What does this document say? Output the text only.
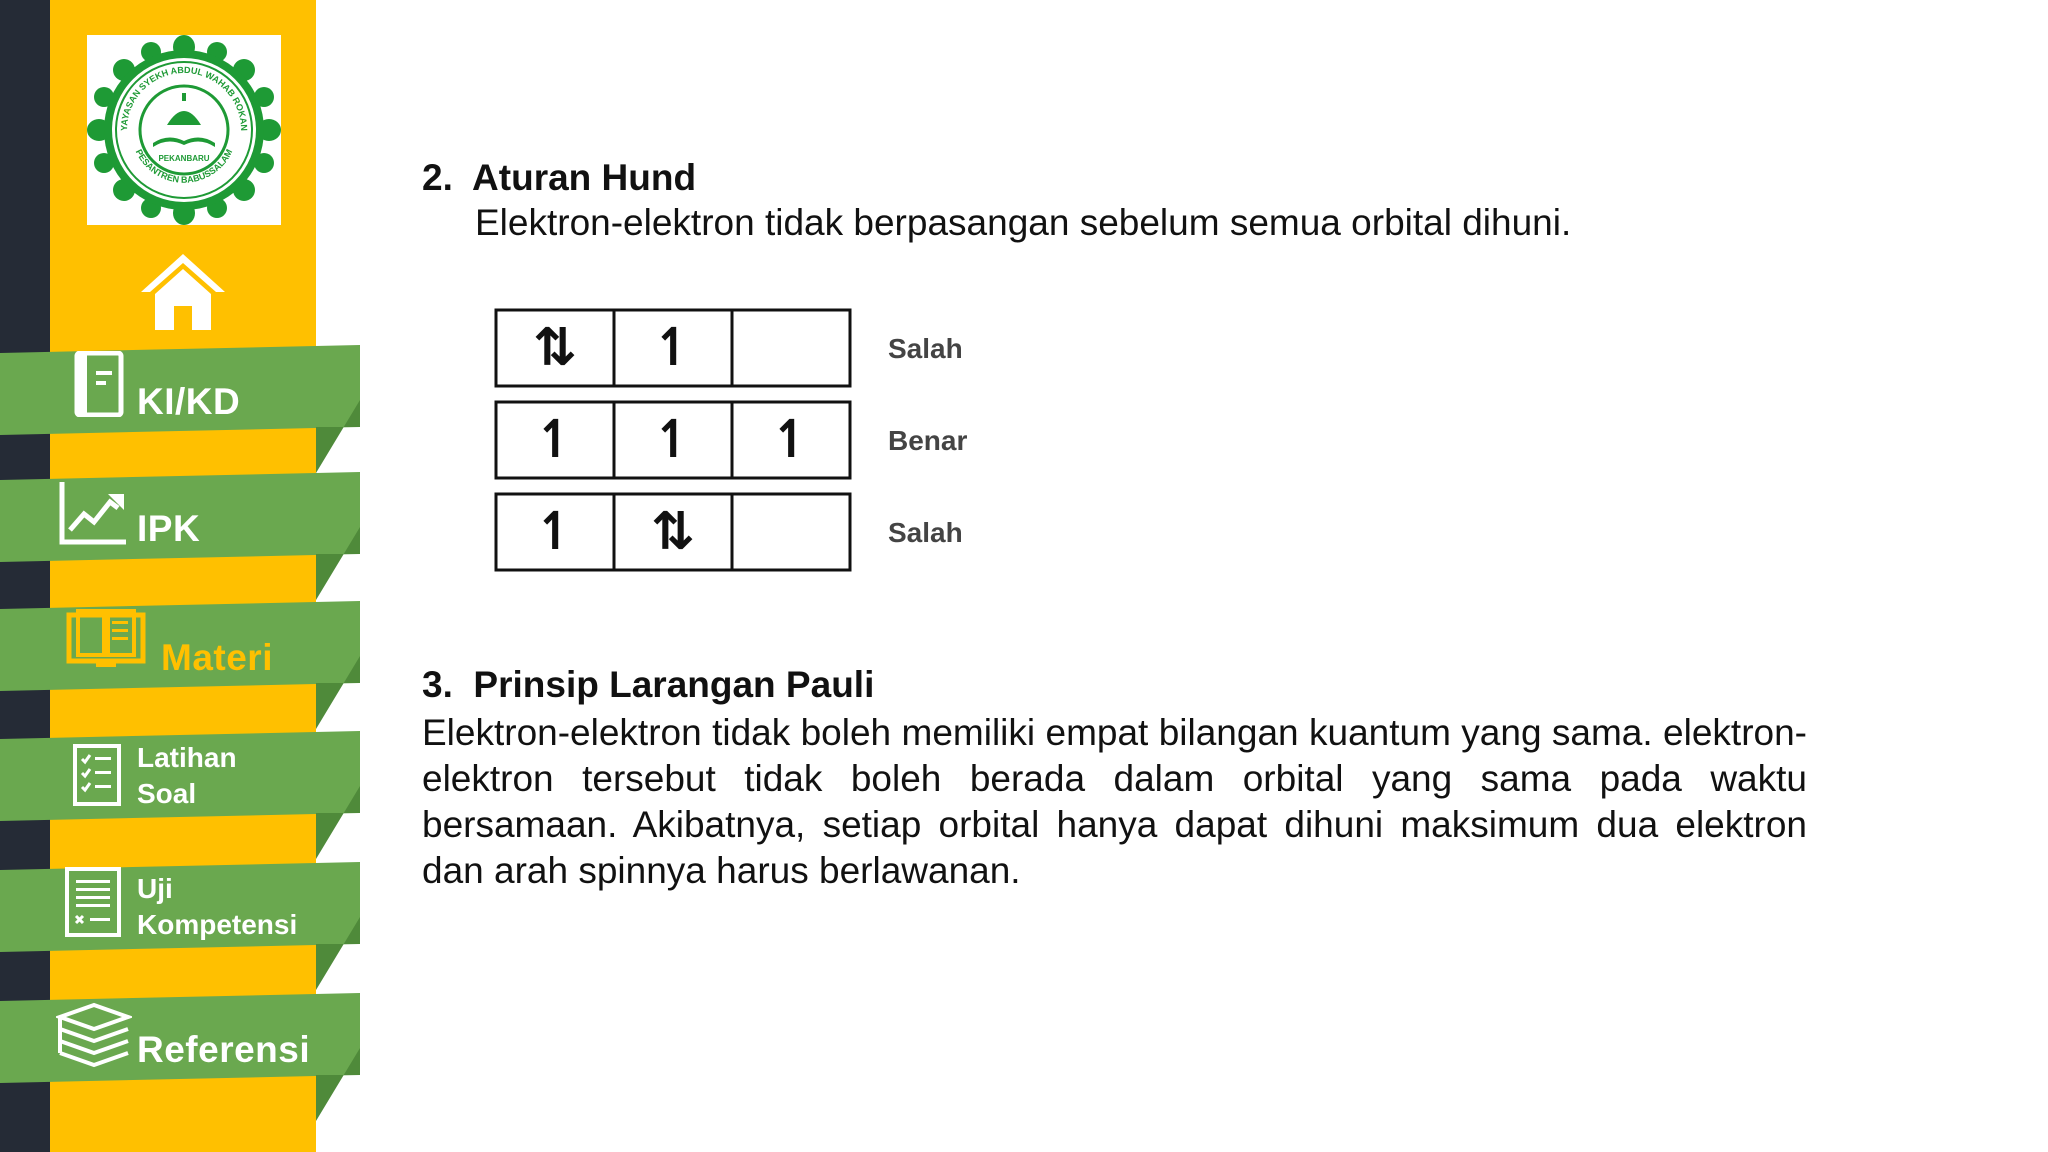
YAYASAN SYEKH ABDUL WAHAB ROKAN
PESANTREN BABUSSALAM
PEKANBARU
KI/KD
IPK
Materi
Latihan
Soal
Uji
Kompetensi
Referensi
2. Aturan Hund
Elektron-elektron tidak berpasangan sebelum semua orbital dihuni.
⇅ ↿	Salah
↿ ↿ ↿	Benar
↿ ⇅	Salah
3. Prinsip Larangan Pauli
Elektron-elektron tidak boleh memiliki empat bilangan kuantum yang sama. elektron-elektron tersebut tidak boleh berada dalam orbital yang sama pada waktu bersamaan. Akibatnya, setiap orbital hanya dapat dihuni maksimum dua elektron dan arah spinnya harus berlawanan.
